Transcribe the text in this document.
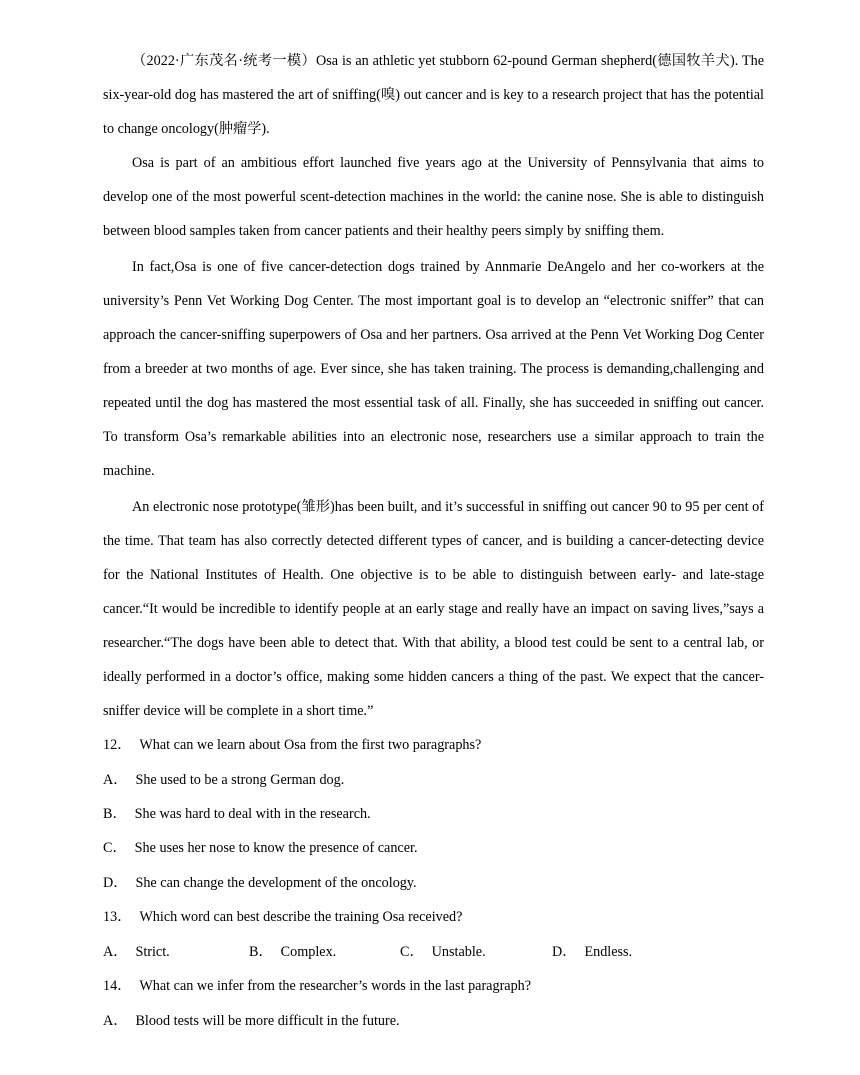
（2022·广东茂名·统考一模）Osa is an athletic yet stubborn 62-pound German shepherd(德国牧羊犬). The six-year-old dog has mastered the art of sniffing(嗅) out cancer and is key to a research project that has the potential to change oncology(肿瘤学).

Osa is part of an ambitious effort launched five years ago at the University of Pennsylvania that aims to develop one of the most powerful scent-detection machines in the world: the canine nose. She is able to distinguish between blood samples taken from cancer patients and their healthy peers simply by sniffing them.

In fact,Osa is one of five cancer-detection dogs trained by Annmarie DeAngelo and her co-workers at the university’s Penn Vet Working Dog Center. The most important goal is to develop an “electronic sniffer” that can approach the cancer-sniffing superpowers of Osa and her partners. Osa arrived at the Penn Vet Working Dog Center from a breeder at two months of age. Ever since, she has taken training. The process is demanding,challenging and repeated until the dog has mastered the most essential task of all. Finally, she has succeeded in sniffing out cancer. To transform Osa’s remarkable abilities into an electronic nose, researchers use a similar approach to train the machine.

An electronic nose prototype(雏形)has been built, and it’s successful in sniffing out cancer 90 to 95 per cent of the time. That team has also correctly detected different types of cancer, and is building a cancer-detecting device for the National Institutes of Health. One objective is to be able to distinguish between early- and late-stage cancer.“It would be incredible to identify people at an early stage and really have an impact on saving lives,”says a researcher.“The dogs have been able to detect that. With that ability, a blood test could be sent to a central lab, or ideally performed in a doctor’s office, making some hidden cancers a thing of the past. We expect that the cancer-sniffer device will be complete in a short time.”

12． What can we learn about Osa from the first two paragraphs?
A． She used to be a strong German dog.
B． She was hard to deal with in the research.
C． She uses her nose to know the presence of cancer.
D． She can change the development of the oncology.
13． Which word can best describe the training Osa received?
A． Strict.	B． Complex.	C． Unstable.	D． Endless.
14． What can we infer from the researcher’s words in the last paragraph?
A． Blood tests will be more difficult in the future.
